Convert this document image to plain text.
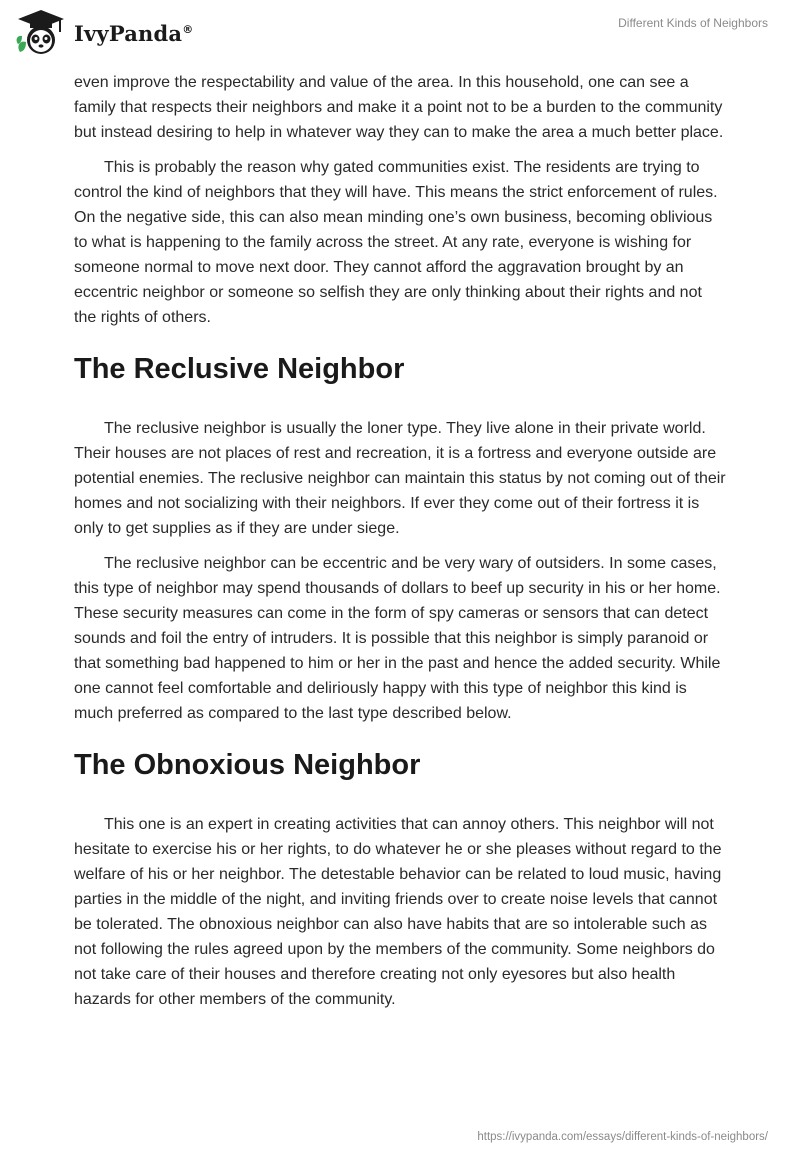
IvyPanda®	Different Kinds of Neighbors

even improve the respectability and value of the area. In this household, one can see a family that respects their neighbors and make it a point not to be a burden to the community but instead desiring to help in whatever way they can to make the area a much better place.

This is probably the reason why gated communities exist. The residents are trying to control the kind of neighbors that they will have. This means the strict enforcement of rules. On the negative side, this can also mean minding one’s own business, becoming oblivious to what is happening to the family across the street. At any rate, everyone is wishing for someone normal to move next door. They cannot afford the aggravation brought by an eccentric neighbor or someone so selfish they are only thinking about their rights and not the rights of others.

The Reclusive Neighbor

The reclusive neighbor is usually the loner type. They live alone in their private world. Their houses are not places of rest and recreation, it is a fortress and everyone outside are potential enemies. The reclusive neighbor can maintain this status by not coming out of their homes and not socializing with their neighbors. If ever they come out of their fortress it is only to get supplies as if they are under siege.

The reclusive neighbor can be eccentric and be very wary of outsiders. In some cases, this type of neighbor may spend thousands of dollars to beef up security in his or her home. These security measures can come in the form of spy cameras or sensors that can detect sounds and foil the entry of intruders. It is possible that this neighbor is simply paranoid or that something bad happened to him or her in the past and hence the added security. While one cannot feel comfortable and deliriously happy with this type of neighbor this kind is much preferred as compared to the last type described below.

The Obnoxious Neighbor

This one is an expert in creating activities that can annoy others. This neighbor will not hesitate to exercise his or her rights, to do whatever he or she pleases without regard to the welfare of his or her neighbor. The detestable behavior can be related to loud music, having parties in the middle of the night, and inviting friends over to create noise levels that cannot be tolerated. The obnoxious neighbor can also have habits that are so intolerable such as not following the rules agreed upon by the members of the community. Some neighbors do not take care of their houses and therefore creating not only eyesores but also health hazards for other members of the community.

https://ivypanda.com/essays/different-kinds-of-neighbors/
